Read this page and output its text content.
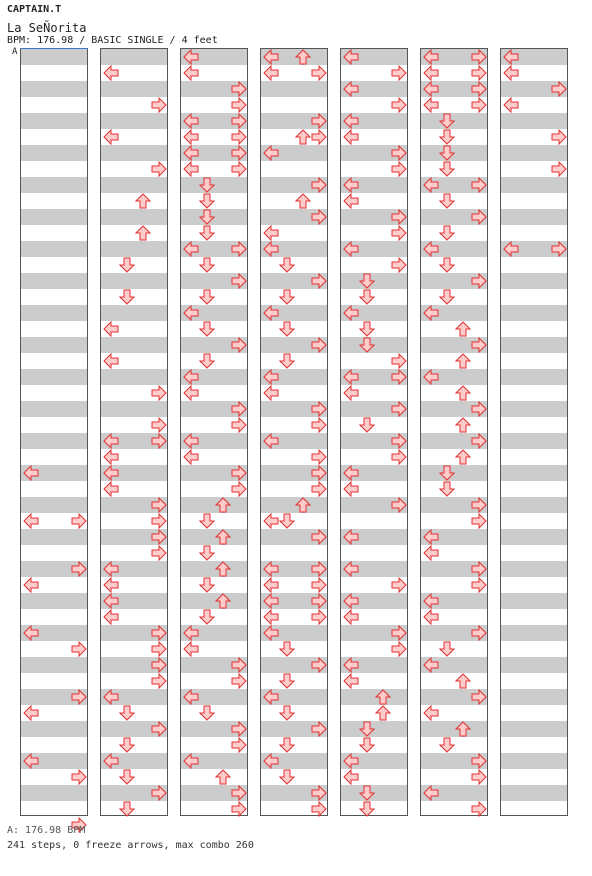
CAPTAIN.T
La SeÑorita
BPM: 176.98 / BASIC SINGLE / 4 feet
A
A: 176.98 BPM
241 steps, 0 freeze arrows, max combo 260
